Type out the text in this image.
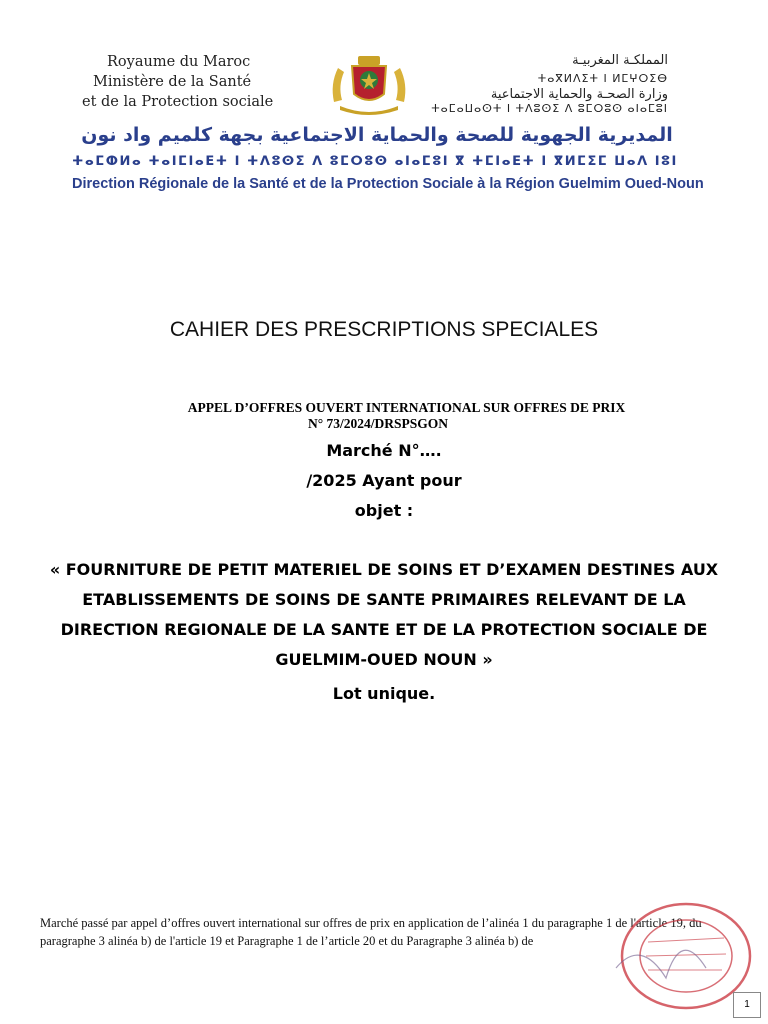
Royaume du Maroc
Ministère de la Santé
et de la Protection sociale
المملكـة المغربيـة
وزارة الصحـة والحماية الاجتماعية
ⵜⴰⴳⵍⴷⵉⵜ ⵏ ⵍⵎⵖⵔⵉⴱ
ⵜⴰⵎⴰⵡⴰⵙⵜ ⵏ ⵜⴷⵓⵙⵉ ⴷ ⵓⵎⵔⵓⵙ ⴰⵏⴰⵎⵓⵏ
المديرية الجهوية للصحة والحماية الاجتماعية بجهة كلميم واد نون
ⵜⴰⵎⵀⵍⴰ ⵜⴰⵏⵎⵏⴰⴹⵜ ⵏ ⵜⴷⵓⵙⵉ ⴷ ⵓⵎⵔⵓⵙ ⴰⵏⴰⵎⵓⵏ ⴳ ⵜⵎⵏⴰⴹⵜ ⵏ ⴳⵍⵎⵉⵎ ⵡⴰⴷ ⵏⵓⵏ
Direction Régionale de la Santé et de la Protection Sociale à la Région Guelmim Oued-Noun
CAHIER DES PRESCRIPTIONS SPECIALES
APPEL D’OFFRES OUVERT INTERNATIONAL SUR OFFRES DE PRIX
N° 73/2024/DRSPSGON
Marché N°….
/2025 Ayant pour
objet :
« FOURNITURE DE PETIT MATERIEL DE SOINS ET D’EXAMEN DESTINES AUX ETABLISSEMENTS DE SOINS DE SANTE PRIMAIRES RELEVANT DE LA DIRECTION REGIONALE DE LA SANTE ET DE LA PROTECTION SOCIALE DE GUELMIM-OUED NOUN »
Lot unique.
Marché passé par appel d’offres ouvert international sur offres de prix en application de l’alinéa 1 du paragraphe 1 de l'article 19, du paragraphe 3 alinéa b) de l'article 19 et Paragraphe 1 de l’article 20 et du Paragraphe 3 alinéa b) de
1
